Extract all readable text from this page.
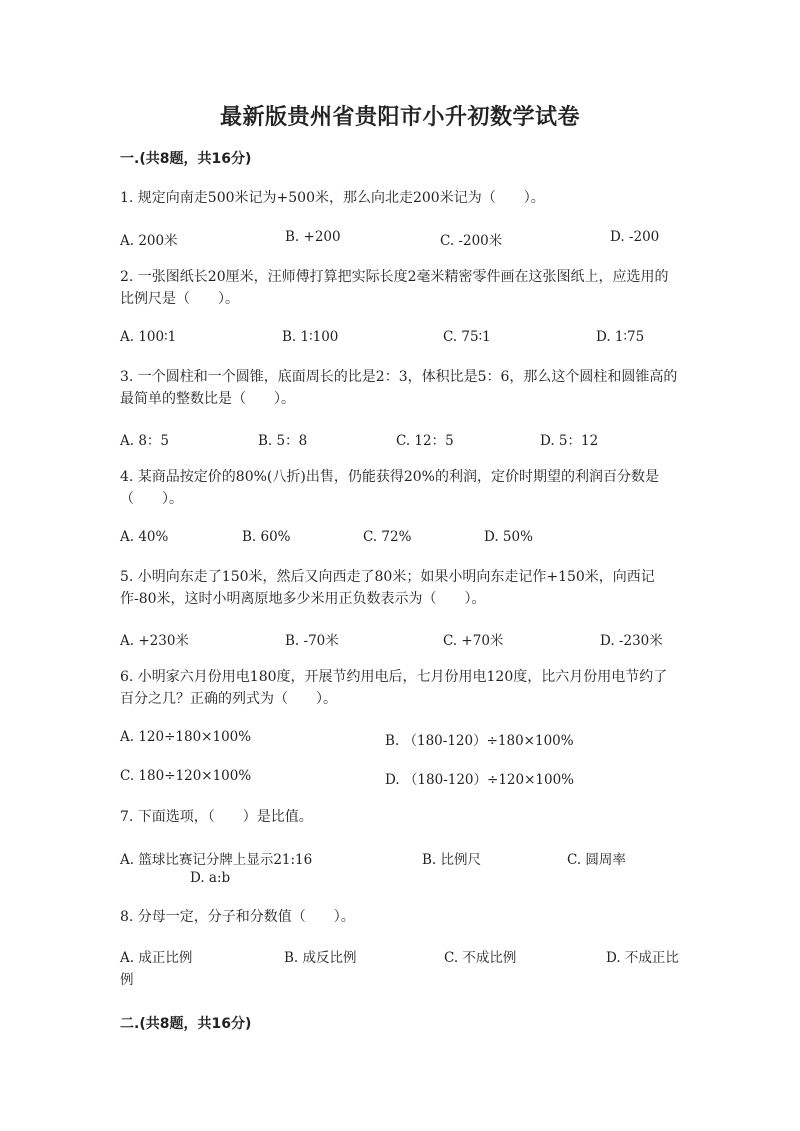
最新版贵州省贵阳市小升初数学试卷
一.(共8题，共16分)
1. 规定向南走500米记为+500米，那么向北走200米记为（　　）。
A. 200米	B. +200	C. -200米	D. -200
2. 一张图纸长20厘米，汪师傅打算把实际长度2毫米精密零件画在这张图纸上，应选用的比例尺是（　　）。
A. 100∶1	B. 1∶100	C. 75∶1	D. 1∶75
3. 一个圆柱和一个圆锥，底面周长的比是2：3，体积比是5：6，那么这个圆柱和圆锥高的最简单的整数比是（　　）。
A. 8：5	B. 5：8	C. 12：5	D. 5：12
4. 某商品按定价的80%(八折)出售，仍能获得20%的利润，定价时期望的利润百分数是（　　）。
A. 40%	B. 60%	C. 72%	D. 50%
5. 小明向东走了150米，然后又向西走了80米；如果小明向东走记作+150米，向西记作-80米，这时小明离原地多少米用正负数表示为（　　）。
A. +230米	B. -70米	C. +70米	D. -230米
6. 小明家六月份用电180度，开展节约用电后，七月份用电120度，比六月份用电节约了百分之几？正确的列式为（　　）。
A. 120÷180×100%	B. （180-120）÷180×100%
C. 180÷120×100%	D. （180-120）÷120×100%
7. 下面选项，（　　）是比值。
A. 篮球比赛记分牌上显示21:16	B. 比例尺	C. 圆周率
D. a:b
8. 分母一定，分子和分数值（　　）。
A. 成正比例	B. 成反比例	C. 不成比例	D. 不成正比例
二.(共8题，共16分)
